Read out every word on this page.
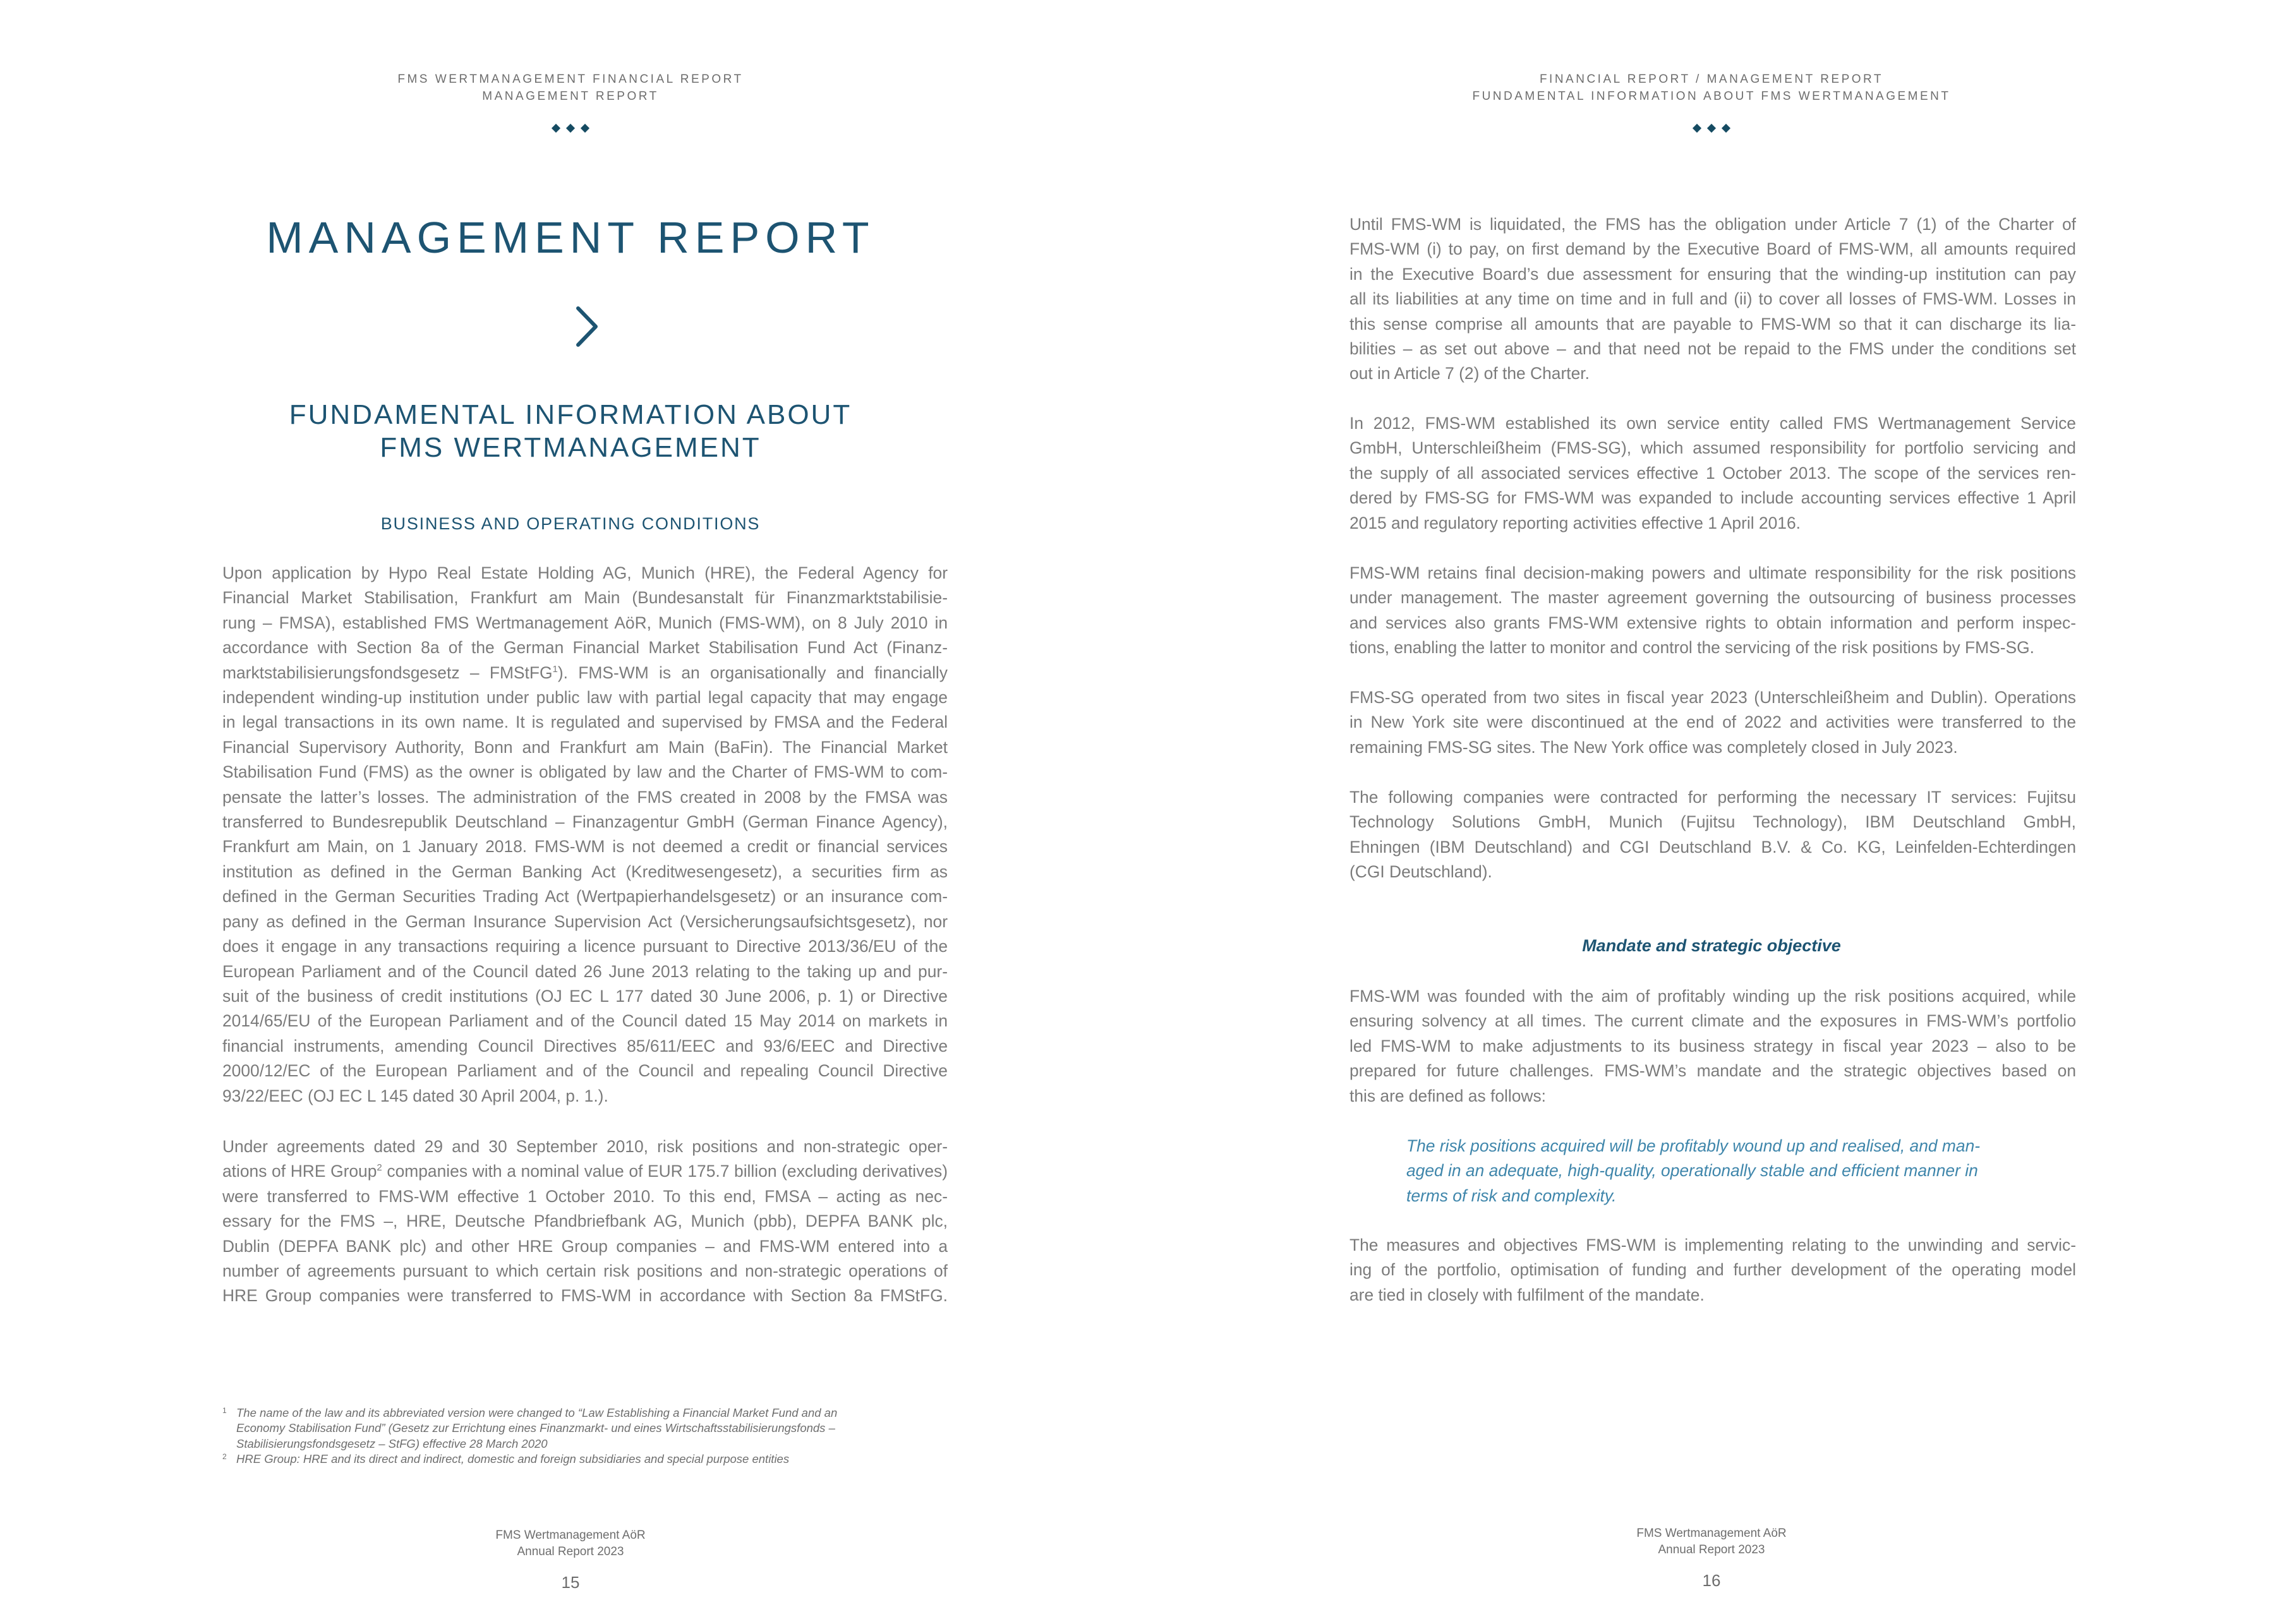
FMS WERTMANAGEMENT FINANCIAL REPORT
MANAGEMENT REPORT
MANAGEMENT REPORT
FUNDAMENTAL INFORMATION ABOUT
FMS WERTMANAGEMENT
BUSINESS AND OPERATING CONDITIONS
Upon application by Hypo Real Estate Holding AG, Munich (HRE), the Federal Agency for
Financial Market Stabilisation, Frankfurt am Main (Bundesanstalt für Finanzmarktstabilisie-
rung – FMSA), established FMS Wertmanagement AöR, Munich (FMS-WM), on 8 July 2010 in
accordance with Section 8a of the German Financial Market Stabilisation Fund Act (Finanz-
marktstabilisierungsfondsgesetz – FMStFG$^1$). FMS-WM is an organisationally and financially
independent winding-up institution under public law with partial legal capacity that may engage
in legal transactions in its own name. It is regulated and supervised by FMSA and the Federal
Financial Supervisory Authority, Bonn and Frankfurt am Main (BaFin). The Financial Market
Stabilisation Fund (FMS) as the owner is obligated by law and the Charter of FMS-WM to com-
pensate the latter’s losses. The administration of the FMS created in 2008 by the FMSA was
transferred to Bundesrepublik Deutschland – Finanzagentur GmbH (German Finance Agency),
Frankfurt am Main, on 1 January 2018. FMS-WM is not deemed a credit or financial services
institution as defined in the German Banking Act (Kreditwesengesetz), a securities firm as
defined in the German Securities Trading Act (Wertpapierhandelsgesetz) or an insurance com-
pany as defined in the German Insurance Supervision Act (Versicherungsaufsichtsgesetz), nor
does it engage in any transactions requiring a licence pursuant to Directive 2013/36/EU of the
European Parliament and of the Council dated 26 June 2013 relating to the taking up and pur-
suit of the business of credit institutions (OJ EC L 177 dated 30 June 2006, p. 1) or Directive
2014/65/EU of the European Parliament and of the Council dated 15 May 2014 on markets in
financial instruments, amending Council Directives 85/611/EEC and 93/6/EEC and Directive
2000/12/EC of the European Parliament and of the Council and repealing Council Directive
93/22/EEC (OJ EC L 145 dated 30 April 2004, p. 1.).
Under agreements dated 29 and 30 September 2010, risk positions and non-strategic oper-
ations of HRE Group$^2$ companies with a nominal value of EUR 175.7 billion (excluding derivatives)
were transferred to FMS-WM effective 1 October 2010. To this end, FMSA – acting as nec-
essary for the FMS –, HRE, Deutsche Pfandbriefbank AG, Munich (pbb), DEPFA BANK plc,
Dublin (DEPFA BANK plc) and other HRE Group companies – and FMS-WM entered into a
number of agreements pursuant to which certain risk positions and non-strategic operations of
HRE Group companies were transferred to FMS-WM in accordance with Section 8a FMStFG.
1 The name of the law and its abbreviated version were changed to “Law Establishing a Financial Market Fund and an
Economy Stabilisation Fund” (Gesetz zur Errichtung eines Finanzmarkt- und eines Wirtschaftsstabilisierungsfonds –
Stabilisierungsfondsgesetz – StFG) effective 28 March 2020
2 HRE Group: HRE and its direct and indirect, domestic and foreign subsidiaries and special purpose entities
FMS Wertmanagement AöR
Annual Report 2023
15
FINANCIAL REPORT / MANAGEMENT REPORT
FUNDAMENTAL INFORMATION ABOUT FMS WERTMANAGEMENT
Until FMS-WM is liquidated, the FMS has the obligation under Article 7 (1) of the Charter of
FMS-WM (i) to pay, on first demand by the Executive Board of FMS-WM, all amounts required
in the Executive Board’s due assessment for ensuring that the winding-up institution can pay
all its liabilities at any time on time and in full and (ii) to cover all losses of FMS-WM. Losses in
this sense comprise all amounts that are payable to FMS-WM so that it can discharge its lia-
bilities – as set out above – and that need not be repaid to the FMS under the conditions set
out in Article 7 (2) of the Charter.
In 2012, FMS-WM established its own service entity called FMS Wertmanagement Service
GmbH, Unterschleißheim (FMS-SG), which assumed responsibility for portfolio servicing and
the supply of all associated services effective 1 October 2013. The scope of the services ren-
dered by FMS-SG for FMS-WM was expanded to include accounting services effective 1 April
2015 and regulatory reporting activities effective 1 April 2016.
FMS-WM retains final decision-making powers and ultimate responsibility for the risk positions
under management. The master agreement governing the outsourcing of business processes
and services also grants FMS-WM extensive rights to obtain information and perform inspec-
tions, enabling the latter to monitor and control the servicing of the risk positions by FMS-SG.
FMS-SG operated from two sites in fiscal year 2023 (Unterschleißheim and Dublin). Operations
in New York site were discontinued at the end of 2022 and activities were transferred to the
remaining FMS-SG sites. The New York office was completely closed in July 2023.
The following companies were contracted for performing the necessary IT services: Fujitsu
Technology Solutions GmbH, Munich (Fujitsu Technology), IBM Deutschland GmbH,
Ehningen (IBM Deutschland) and CGI Deutschland B.V. & Co. KG, Leinfelden-Echterdingen
(CGI Deutschland).
Mandate and strategic objective
FMS-WM was founded with the aim of profitably winding up the risk positions acquired, while
ensuring solvency at all times. The current climate and the exposures in FMS-WM’s portfolio
led FMS-WM to make adjustments to its business strategy in fiscal year 2023 – also to be
prepared for future challenges. FMS-WM’s mandate and the strategic objectives based on
this are defined as follows:
The risk positions acquired will be profitably wound up and realised, and man-
aged in an adequate, high-quality, operationally stable and efficient manner in
terms of risk and complexity.
The measures and objectives FMS-WM is implementing relating to the unwinding and servic-
ing of the portfolio, optimisation of funding and further development of the operating model
are tied in closely with fulfilment of the mandate.
FMS Wertmanagement AöR
Annual Report 2023
16
